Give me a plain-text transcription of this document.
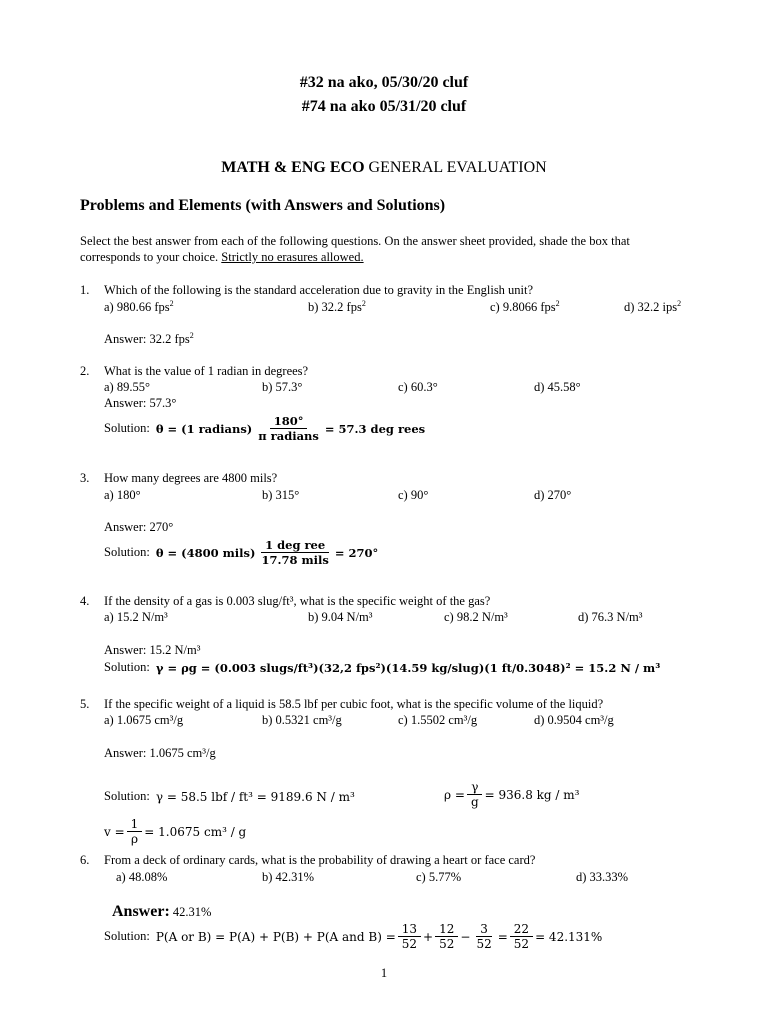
#32 na ako, 05/30/20 cluf
#74 na ako 05/31/20 cluf
MATH & ENG ECO GENERAL EVALUATION
Problems and Elements (with Answers and Solutions)
Select the best answer from each of the following questions. On the answer sheet provided, shade the box that
corresponds to your choice. Strictly no erasures allowed.
1. Which of the following is the standard acceleration due to gravity in the English unit?
a) 980.66 fps$^2$	b) 32.2 fps$^2$	c) 9.8066 fps$^2$	d) 32.2 ips$^2$
Answer: 32.2 fps$^2$
2. What is the value of 1 radian in degrees?
a) 89.55°	b) 57.3°	c) 60.3°	d) 45.58°
Answer: 57.3°
Solution: θ = (1 radians) $\frac{180^\circ}{\text{π radians}} = 57.3$ deg rees
3. How many degrees are 4800 mils?
a) 180°	b) 315°	c) 90°	d) 270°
Answer: 270°
Solution: θ = (4800 mils) $\frac{\text{1 deg ree}}{\text{17.78 mils}} = 270^\circ$
4. If the density of a gas is 0.003 slug/ft³, what is the specific weight of the gas?
a) 15.2 N/m³	b) 9.04 N/m³	c) 98.2 N/m³	d) 76.3 N/m³
Answer: 15.2 N/m³
Solution: γ = ρg = (0.003 slugs/ft³)(32,2 fps²)(14.59 kg/slug)(1 ft/0.3048)² = 15.2 N / m³
5. If the specific weight of a liquid is 58.5 lbf per cubic foot, what is the specific volume of the liquid?
a) 1.0675 cm³/g	b) 0.5321 cm³/g	c) 1.5502 cm³/g	d) 0.9504 cm³/g
Answer: 1.0675 cm³/g
Solution: γ = 58.5 lbf / ft³ = 9189.6 N / m³	$\rho = \frac{\gamma}{g} = 936.8$ kg / m³
$v = \frac{1}{\rho} = 1.0675$ cm³ / g
6. From a deck of ordinary cards, what is the probability of drawing a heart or face card?
a) 48.08%	b) 42.31%	c) 5.77%	d) 33.33%
Answer: 42.31%
Solution: P(A or B) = P(A) + P(B) + P(A and $B) = \frac{13}{52} + \frac{12}{52} - \frac{3}{52} = \frac{22}{52} = 42.131\%$
1
